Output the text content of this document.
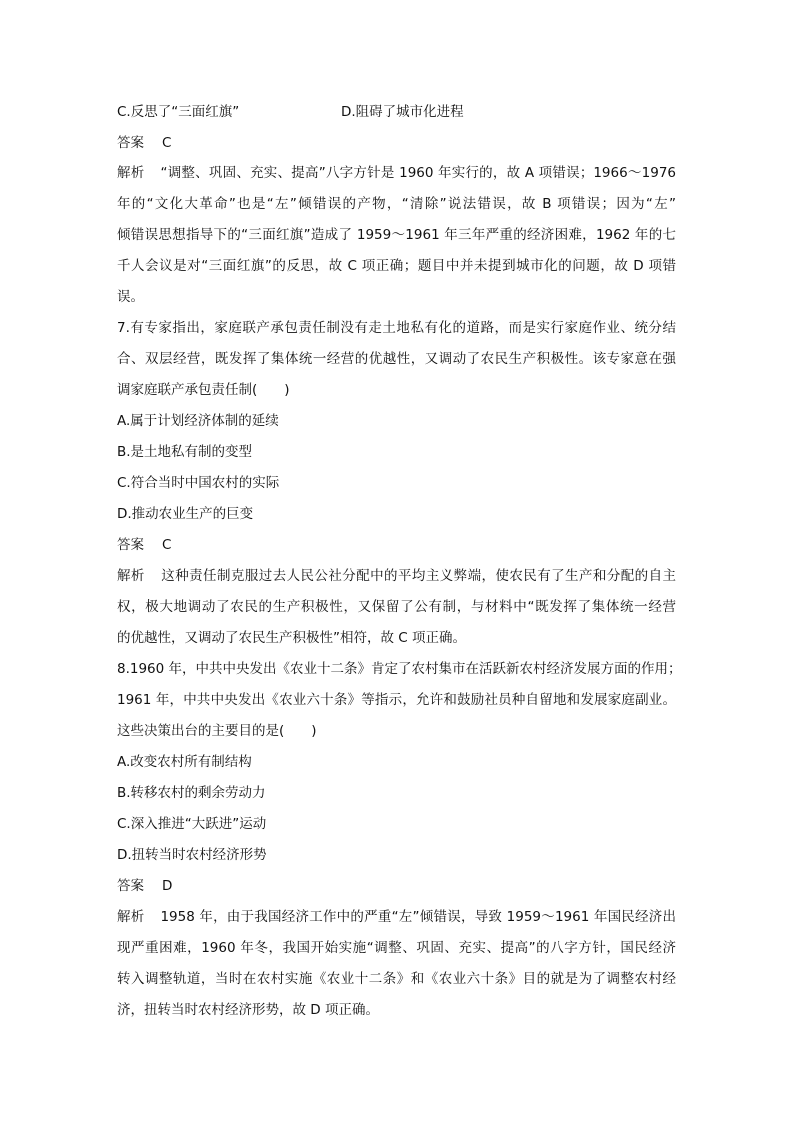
C.反思了“三面红旗”	D.阻碍了城市化进程
答案 C
解析 “调整、巩固、充实、提高”八字方针是 1960 年实行的，故 A 项错误；1966～1976
年的“文化大革命”也是“左”倾错误的产物，“清除”说法错误，故 B 项错误；因为“左”
倾错误思想指导下的“三面红旗”造成了 1959～1961 年三年严重的经济困难，1962 年的七
千人会议是对“三面红旗”的反思，故 C 项正确；题目中并未提到城市化的问题，故 D 项错
误。
7.有专家指出，家庭联产承包责任制没有走土地私有化的道路，而是实行家庭作业、统分结
合、双层经营，既发挥了集体统一经营的优越性，又调动了农民生产积极性。该专家意在强
调家庭联产承包责任制(　　)
A.属于计划经济体制的延续
B.是土地私有制的变型
C.符合当时中国农村的实际
D.推动农业生产的巨变
答案 C
解析 这种责任制克服过去人民公社分配中的平均主义弊端，使农民有了生产和分配的自主
权，极大地调动了农民的生产积极性，又保留了公有制，与材料中“既发挥了集体统一经营
的优越性，又调动了农民生产积极性”相符，故 C 项正确。
8.1960 年，中共中央发出《农业十二条》肯定了农村集市在活跃新农村经济发展方面的作用；
1961 年，中共中央发出《农业六十条》等指示，允许和鼓励社员种自留地和发展家庭副业。
这些决策出台的主要目的是(　　)
A.改变农村所有制结构
B.转移农村的剩余劳动力
C.深入推进“大跃进”运动
D.扭转当时农村经济形势
答案 D
解析 1958 年，由于我国经济工作中的严重“左”倾错误，导致 1959～1961 年国民经济出
现严重困难，1960 年冬，我国开始实施“调整、巩固、充实、提高”的八字方针，国民经济
转入调整轨道，当时在农村实施《农业十二条》和《农业六十条》目的就是为了调整农村经
济，扭转当时农村经济形势，故 D 项正确。
